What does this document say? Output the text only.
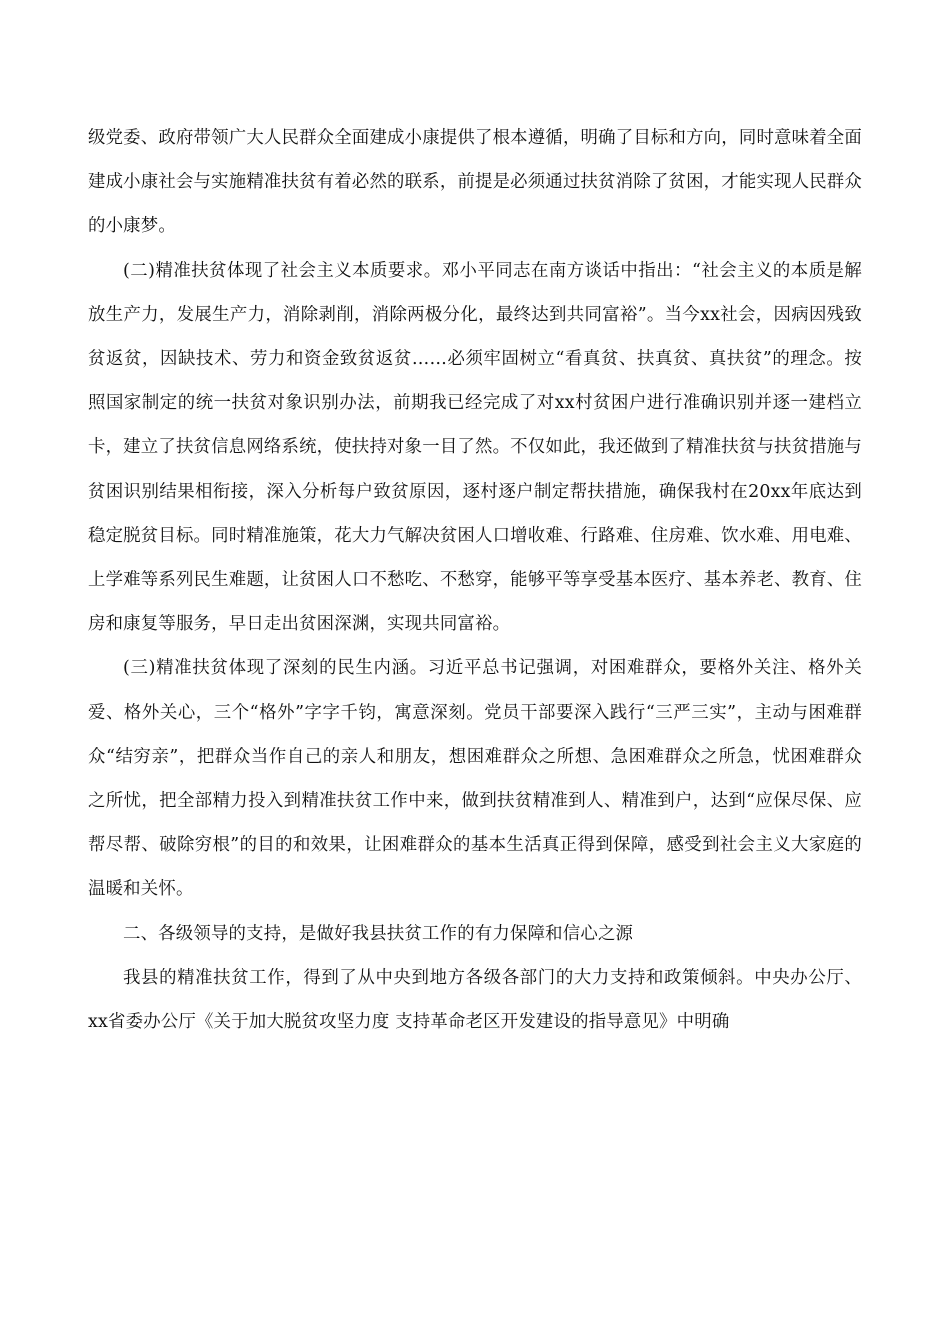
级党委、政府带领广大人民群众全面建成小康提供了根本遵循，明确了目标和方向，同时意味着全面建成小康社会与实施精准扶贫有着必然的联系，前提是必须通过扶贫消除了贫困，才能实现人民群众的小康梦。

(二)精准扶贫体现了社会主义本质要求。邓小平同志在南方谈话中指出：“社会主义的本质是解放生产力，发展生产力，消除剥削，消除两极分化，最终达到共同富裕”。当今xx社会，因病因残致贫返贫，因缺技术、劳力和资金致贫返贫……必须牢固树立“看真贫、扶真贫、真扶贫”的理念。按照国家制定的统一扶贫对象识别办法，前期我已经完成了对xx村贫困户进行准确识别并逐一建档立卡，建立了扶贫信息网络系统，使扶持对象一目了然。不仅如此，我还做到了精准扶贫与扶贫措施与贫困识别结果相衔接，深入分析每户致贫原因，逐村逐户制定帮扶措施，确保我村在20xx年底达到稳定脱贫目标。同时精准施策，花大力气解决贫困人口增收难、行路难、住房难、饮水难、用电难、上学难等系列民生难题，让贫困人口不愁吃、不愁穿，能够平等享受基本医疗、基本养老、教育、住房和康复等服务，早日走出贫困深渊，实现共同富裕。

(三)精准扶贫体现了深刻的民生内涵。习近平总书记强调，对困难群众，要格外关注、格外关爱、格外关心，三个“格外”字字千钧，寓意深刻。党员干部要深入践行“三严三实”，主动与困难群众“结穷亲”，把群众当作自己的亲人和朋友，想困难群众之所想、急困难群众之所急，忧困难群众之所忧，把全部精力投入到精准扶贫工作中来，做到扶贫精准到人、精准到户，达到“应保尽保、应帮尽帮、破除穷根”的目的和效果，让困难群众的基本生活真正得到保障，感受到社会主义大家庭的温暖和关怀。

二、各级领导的支持，是做好我县扶贫工作的有力保障和信心之源

我县的精准扶贫工作，得到了从中央到地方各级各部门的大力支持和政策倾斜。中央办公厅、xx省委办公厅《关于加大脱贫攻坚力度 支持革命老区开发建设的指导意见》中明确
